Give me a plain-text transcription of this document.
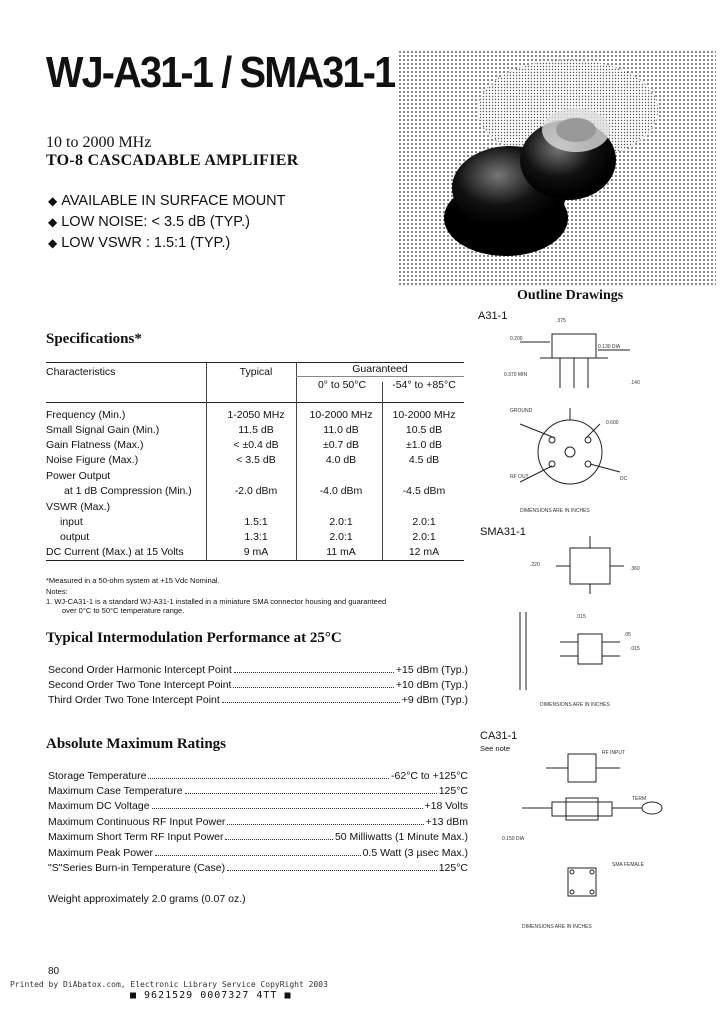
WJ-A31-1 / SMA31-1
10 to 2000 MHz
TO-8 CASCADABLE AMPLIFIER
◆ AVAILABLE IN SURFACE MOUNT
◆ LOW NOISE: < 3.5 dB (TYP.)
◆ LOW VSWR : 1.5:1 (TYP.)
Outline Drawings
A31-1	.375
0.200
0.130 DIA
0.370 MIN
.140
GROUND
0.600
RF OUT	DC
DIMENSIONS ARE IN INCHES
SMA31-1
.220
.360
.015
.05
.015
DIMENSIONS ARE IN INCHES
CA31-1
See note	RF INPUT
TERM
0.150 DIA
SMA FEMALE
DIMENSIONS ARE IN INCHES
Specifications*
Characteristics	Typical	Guaranteed
0° to 50°C	-54° to +85°C
Frequency (Min.)	1-2050 MHz	10-2000 MHz	10-2000 MHz
Small Signal Gain (Min.)	11.5 dB	11.0 dB	10.5 dB
Gain Flatness (Max.)	< ±0.4 dB	±0.7 dB	±1.0 dB
Noise Figure (Max.)	< 3.5 dB	4.0 dB	4.5 dB
Power Output
at 1 dB Compression (Min.)	-2.0 dBm	-4.0 dBm	-4.5 dBm
VSWR (Max.)
input	1.5:1	2.0:1	2.0:1
output	1.3:1	2.0:1	2.0:1
DC Current (Max.) at 15 Volts	9 mA	11 mA	12 mA
*Measured in a 50-ohm system at +15 Vdc Nominal.
Notes:
1. WJ-CA31-1 is a standard WJ-A31-1 installed in a miniature SMA connector housing and guaranteed
over 0°C to 50°C temperature range.
Typical Intermodulation Performance at 25°C
Second Order Harmonic Intercept Point	+15 dBm (Typ.)
Second Order Two Tone Intercept Point	+10 dBm (Typ.)
Third Order Two Tone Intercept Point	+9 dBm (Typ.)
Absolute Maximum Ratings
Storage Temperature	-62°C to +125°C
Maximum Case Temperature	125°C
Maximum DC Voltage	+18 Volts
Maximum Continuous RF Input Power	+13 dBm
Maximum Short Term RF Input Power	50 Milliwatts (1 Minute Max.)
Maximum Peak Power	0.5 Watt (3 µsec Max.)
"S"Series Burn-in Temperature (Case)	125°C
Weight approximately 2.0 grams (0.07 oz.)
80
Printed by DiAbatox.com, Electronic Library Service CopyRight 2003
■ 9621529 0007327 4TT ■
